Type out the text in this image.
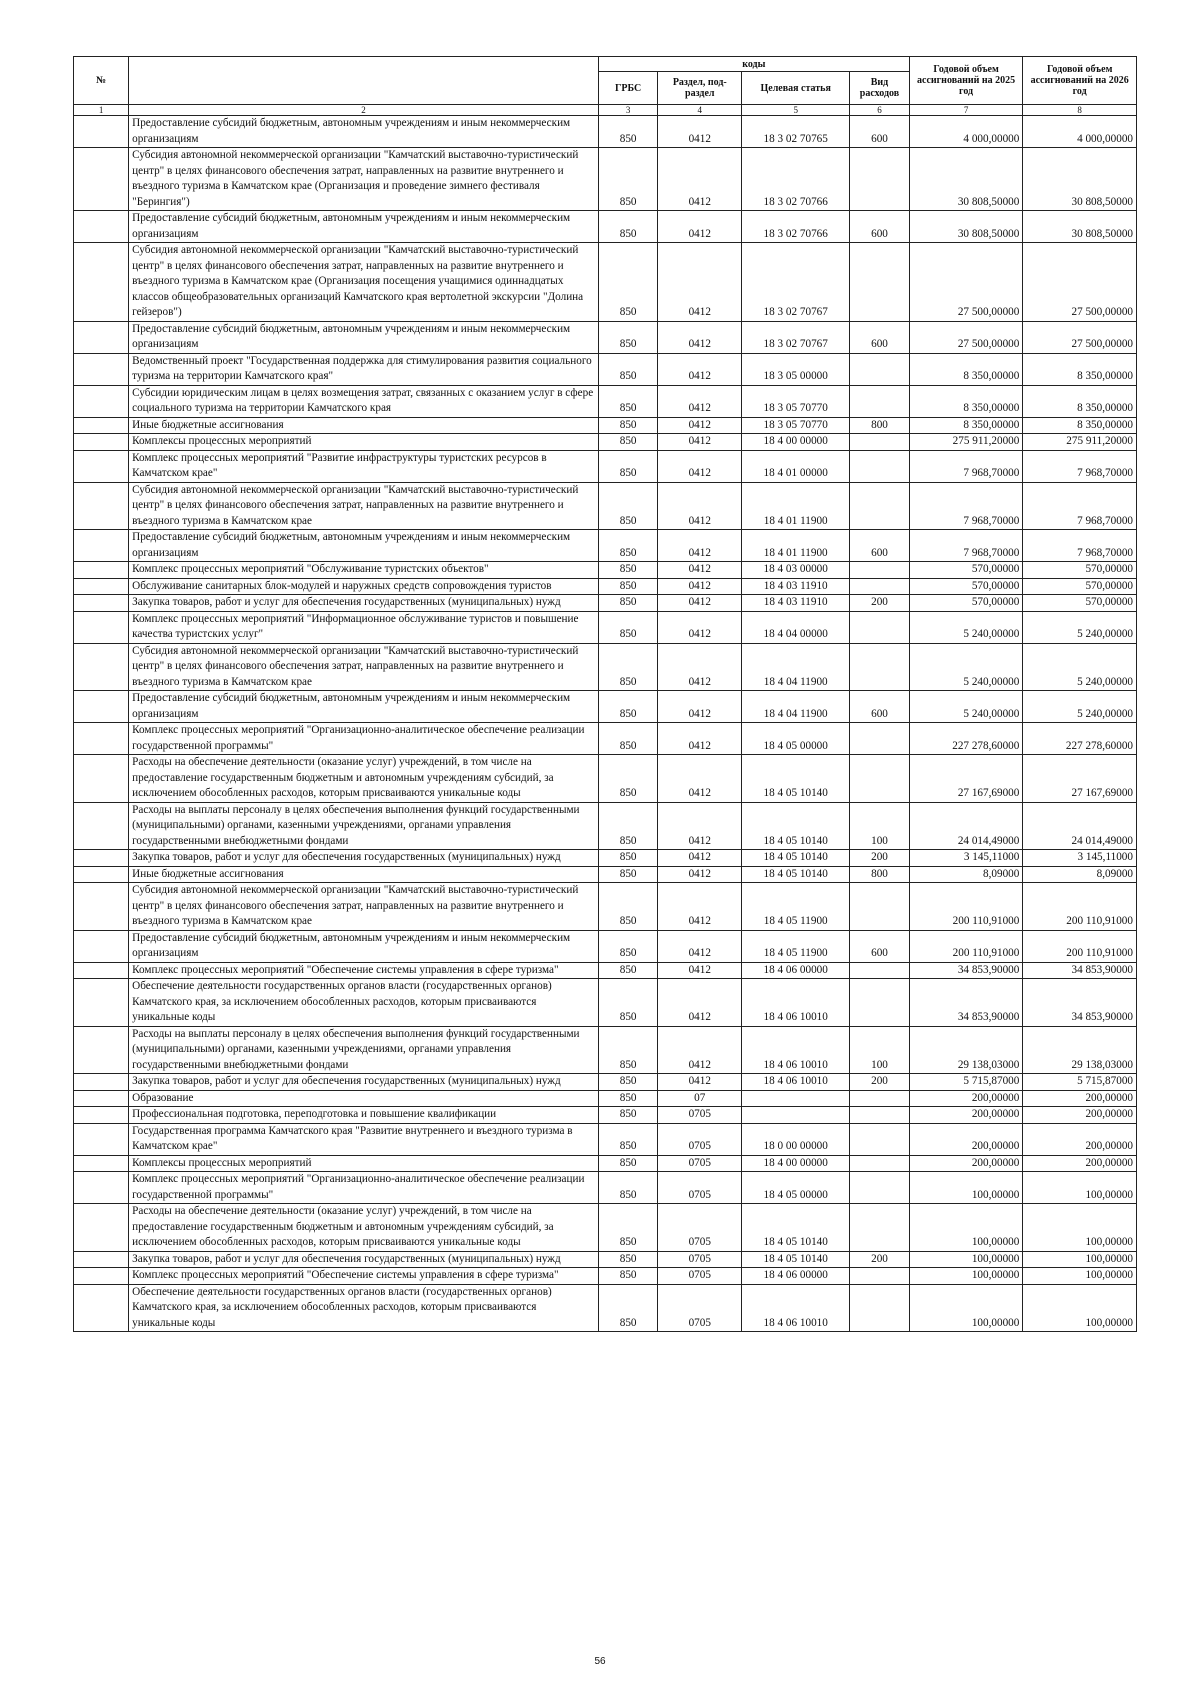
№		коды				Годовой объем ассигнований на 2025 год	Годовой объем ассигнований на 2026 год
		ГРБС	Раздел, под-раздел	Целевая статья	Вид расходов		
1	2	3	4	5	6	7	8
	Предоставление субсидий бюджетным, автономным учреждениям и иным некоммерческим организациям	850	0412	18 3 02 70765	600	4 000,00000	4 000,00000
	Субсидия автономной некоммерческой организации "Камчатский выставочно-туристический центр" в целях финансового обеспечения затрат, направленных на развитие внутреннего и въездного туризма в Камчатском крае (Организация и проведение зимнего фестиваля "Берингия")	850	0412	18 3 02 70766		30 808,50000	30 808,50000
	Предоставление субсидий бюджетным, автономным учреждениям и иным некоммерческим организациям	850	0412	18 3 02 70766	600	30 808,50000	30 808,50000
	Субсидия автономной некоммерческой организации "Камчатский выставочно-туристический центр" в целях финансового обеспечения затрат, направленных на развитие внутреннего и въездного туризма в Камчатском крае (Организация посещения учащимися одиннадцатых классов общеобразовательных организаций Камчатского края вертолетной экскурсии "Долина гейзеров")	850	0412	18 3 02 70767		27 500,00000	27 500,00000
	Предоставление субсидий бюджетным, автономным учреждениям и иным некоммерческим организациям	850	0412	18 3 02 70767	600	27 500,00000	27 500,00000
	Ведомственный проект "Государственная поддержка для стимулирования развития социального туризма на территории Камчатского края"	850	0412	18 3 05 00000		8 350,00000	8 350,00000
	Субсидии юридическим лицам в целях возмещения затрат, связанных с оказанием услуг в сфере социального туризма на территории Камчатского края	850	0412	18 3 05 70770		8 350,00000	8 350,00000
	Иные бюджетные ассигнования	850	0412	18 3 05 70770	800	8 350,00000	8 350,00000
	Комплексы процессных мероприятий	850	0412	18 4 00 00000		275 911,20000	275 911,20000
	Комплекс процессных мероприятий "Развитие инфраструктуры туристских ресурсов в Камчатском крае"	850	0412	18 4 01 00000		7 968,70000	7 968,70000
	Субсидия автономной некоммерческой организации "Камчатский выставочно-туристический центр" в целях финансового обеспечения затрат, направленных на развитие внутреннего и въездного туризма в Камчатском крае	850	0412	18 4 01 11900		7 968,70000	7 968,70000
	Предоставление субсидий бюджетным, автономным учреждениям и иным некоммерческим организациям	850	0412	18 4 01 11900	600	7 968,70000	7 968,70000
	Комплекс процессных мероприятий "Обслуживание туристских объектов"	850	0412	18 4 03 00000		570,00000	570,00000
	Обслуживание санитарных блок-модулей и наружных средств сопровождения туристов	850	0412	18 4 03 11910		570,00000	570,00000
	Закупка товаров, работ и услуг для обеспечения государственных (муниципальных) нужд	850	0412	18 4 03 11910	200	570,00000	570,00000
	Комплекс процессных мероприятий "Информационное обслуживание туристов и повышение качества туристских услуг"	850	0412	18 4 04 00000		5 240,00000	5 240,00000
	Субсидия автономной некоммерческой организации "Камчатский выставочно-туристический центр" в целях финансового обеспечения затрат, направленных на развитие внутреннего и въездного туризма в Камчатском крае	850	0412	18 4 04 11900		5 240,00000	5 240,00000
	Предоставление субсидий бюджетным, автономным учреждениям и иным некоммерческим организациям	850	0412	18 4 04 11900	600	5 240,00000	5 240,00000
	Комплекс процессных мероприятий "Организационно-аналитическое обеспечение реализации государственной программы"	850	0412	18 4 05 00000		227 278,60000	227 278,60000
	Расходы на обеспечение деятельности (оказание услуг) учреждений, в том числе на предоставление государственным бюджетным и автономным учреждениям субсидий, за исключением обособленных расходов, которым присваиваются уникальные коды	850	0412	18 4 05 10140		27 167,69000	27 167,69000
	Расходы на выплаты персоналу в целях обеспечения выполнения функций государственными (муниципальными) органами, казенными учреждениями, органами управления государственными внебюджетными фондами	850	0412	18 4 05 10140	100	24 014,49000	24 014,49000
	Закупка товаров, работ и услуг для обеспечения государственных (муниципальных) нужд	850	0412	18 4 05 10140	200	3 145,11000	3 145,11000
	Иные бюджетные ассигнования	850	0412	18 4 05 10140	800	8,09000	8,09000
	Субсидия автономной некоммерческой организации "Камчатский выставочно-туристический центр" в целях финансового обеспечения затрат, направленных на развитие внутреннего и въездного туризма в Камчатском крае	850	0412	18 4 05 11900		200 110,91000	200 110,91000
	Предоставление субсидий бюджетным, автономным учреждениям и иным некоммерческим организациям	850	0412	18 4 05 11900	600	200 110,91000	200 110,91000
	Комплекс процессных мероприятий "Обеспечение системы управления в сфере туризма"	850	0412	18 4 06 00000		34 853,90000	34 853,90000
	Обеспечение деятельности государственных органов власти (государственных органов) Камчатского края, за исключением обособленных расходов, которым присваиваются уникальные коды	850	0412	18 4 06 10010		34 853,90000	34 853,90000
	Расходы на выплаты персоналу в целях обеспечения выполнения функций государственными (муниципальными) органами, казенными учреждениями, органами управления государственными внебюджетными фондами	850	0412	18 4 06 10010	100	29 138,03000	29 138,03000
	Закупка товаров, работ и услуг для обеспечения государственных (муниципальных) нужд	850	0412	18 4 06 10010	200	5 715,87000	5 715,87000
	Образование	850	07			200,00000	200,00000
	Профессиональная подготовка, переподготовка и повышение квалификации	850	0705			200,00000	200,00000
	Государственная программа Камчатского края "Развитие внутреннего и въездного туризма в Камчатском крае"	850	0705	18 0 00 00000		200,00000	200,00000
	Комплексы процессных мероприятий	850	0705	18 4 00 00000		200,00000	200,00000
	Комплекс процессных мероприятий "Организационно-аналитическое обеспечение реализации государственной программы"	850	0705	18 4 05 00000		100,00000	100,00000
	Расходы на обеспечение деятельности (оказание услуг) учреждений, в том числе на предоставление государственным бюджетным и автономным учреждениям субсидий, за исключением обособленных расходов, которым присваиваются уникальные коды	850	0705	18 4 05 10140		100,00000	100,00000
	Закупка товаров, работ и услуг для обеспечения государственных (муниципальных) нужд	850	0705	18 4 05 10140	200	100,00000	100,00000
	Комплекс процессных мероприятий "Обеспечение системы управления в сфере туризма"	850	0705	18 4 06 00000		100,00000	100,00000
	Обеспечение деятельности государственных органов власти (государственных органов) Камчатского края, за исключением обособленных расходов, которым присваиваются уникальные коды	850	0705	18 4 06 10010		100,00000	100,00000
56
